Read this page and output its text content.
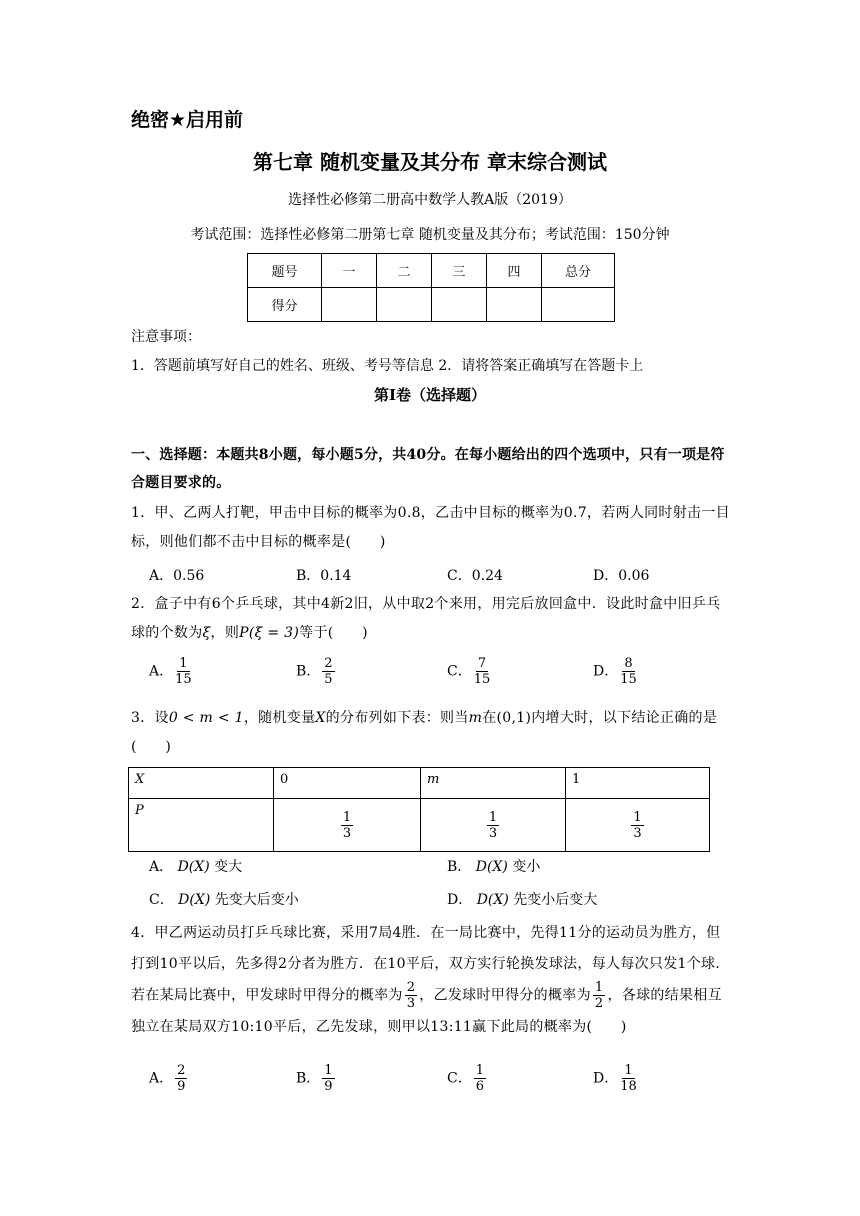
绝密★启用前
第七章 随机变量及其分布 章末综合测试
选择性必修第二册高中数学人教A版（2019）
考试范围：选择性必修第二册第七章 随机变量及其分布；考试范围：150分钟
题号	一	二	三	四	总分
得分					
注意事项：
1．答题前填写好自己的姓名、班级、考号等信息 2．请将答案正确填写在答题卡上
第Ⅰ卷（选择题）
一、选择题：本题共8小题，每小题5分，共40分。在每小题给出的四个选项中，只有一项是符合题目要求的。
1．甲、乙两人打靶，甲击中目标的概率为0.8，乙击中目标的概率为0.7，若两人同时射击一目标，则他们都不击中目标的概率是(　　)
A．0.56	B．0.14	C．0.24	D．0.06
2．盒子中有6个乒乓球，其中4新2旧，从中取2个来用，用完后放回盒中．设此时盒中旧乒乓球的个数为ξ，则P(ξ = 3)等于(　　)
A． $\frac{1}{15}$	B． $\frac{2}{5}$	C． $\frac{7}{15}$	D． $\frac{8}{15}$
3．设0 < m < 1，随机变量X的分布列如下表：则当m在(0,1)内增大时，以下结论正确的是(　　)
X	0	m	1
P	$\frac{1}{3}$	$\frac{1}{3}$	$\frac{1}{3}$
A． D(X) 变大	B． D(X) 变小
C． D(X) 先变大后变小	D． D(X) 先变小后变大
4．甲乙两运动员打乒乓球比赛，采用7局4胜．在一局比赛中，先得11分的运动员为胜方，但打到10平以后，先多得2分者为胜方．在10平后，双方实行轮换发球法，每人每次只发1个球．若在某局比赛中，甲发球时甲得分的概率为 $\frac{2}{3}$ ，乙发球时甲得分的概率为 $\frac{1}{2}$ ，各球的结果相互独立在某局双方10:10平后，乙先发球，则甲以13:11赢下此局的概率为(　　)
A． $\frac{2}{9}$	B． $\frac{1}{9}$	C． $\frac{1}{6}$	D． $\frac{1}{18}$
